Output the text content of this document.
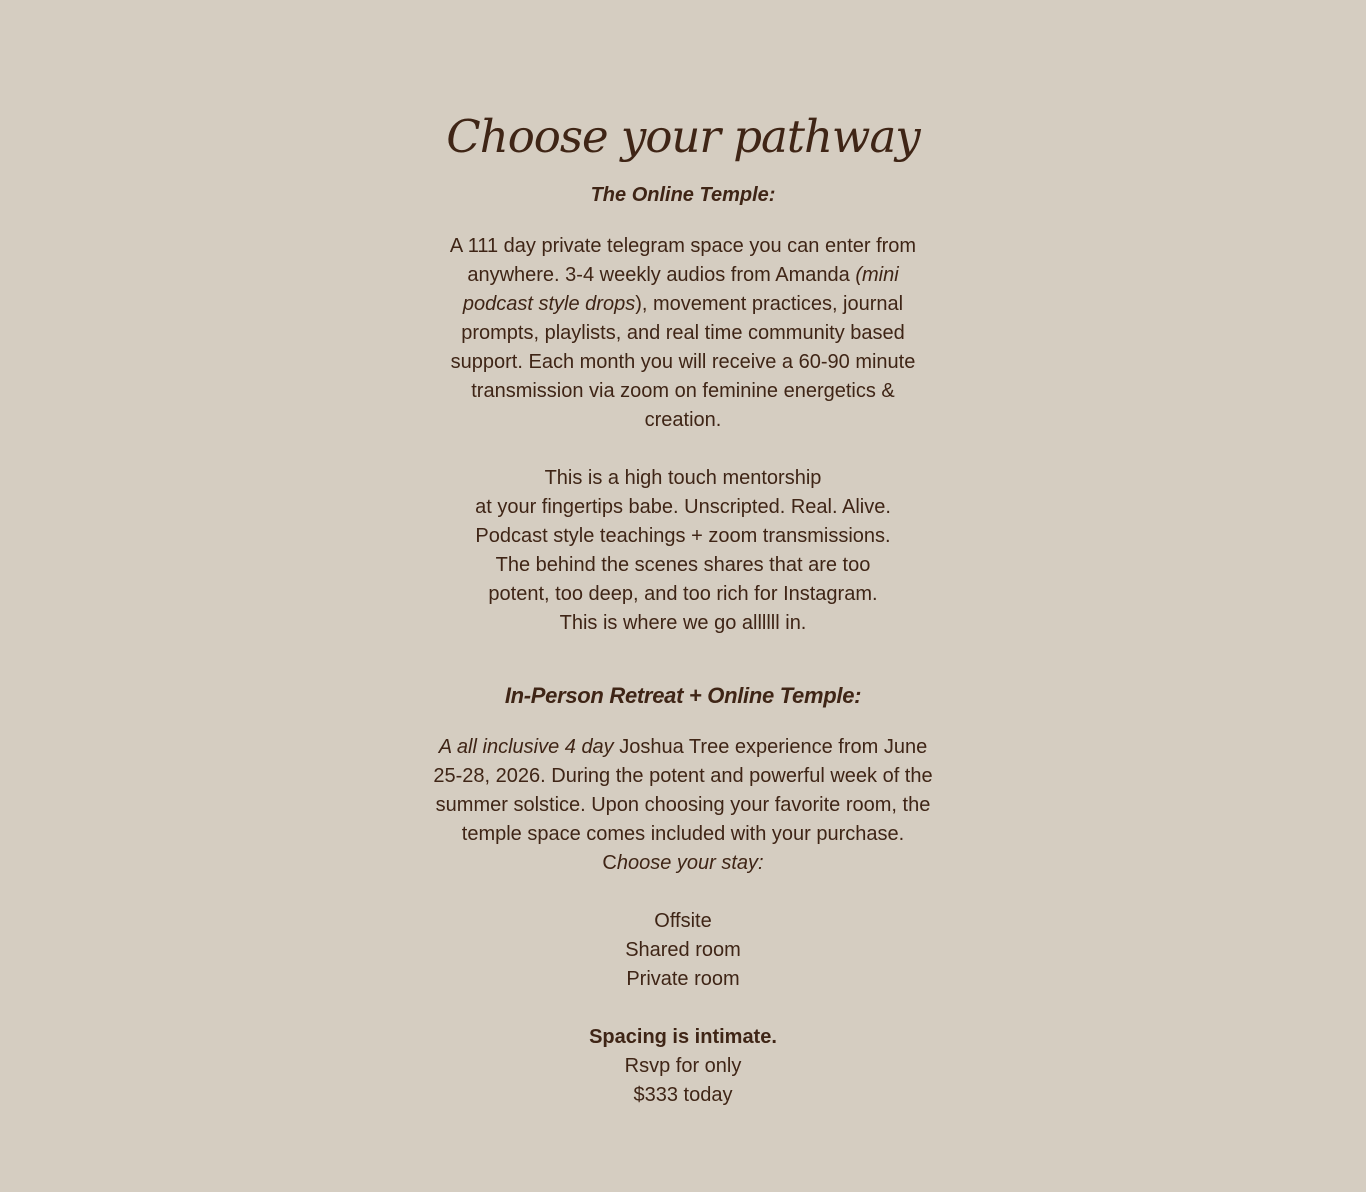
Choose your pathway

The Online Temple:

A 111 day private telegram space you can enter from anywhere. 3-4 weekly audios from Amanda (mini podcast style drops), movement practices, journal prompts, playlists, and real time community based support. Each month you will receive a 60-90 minute transmission via zoom on feminine energetics & creation.

This is a high touch mentorship
at your fingertips babe. Unscripted. Real. Alive.
Podcast style teachings + zoom transmissions.
The behind the scenes shares that are too
potent, too deep, and too rich for Instagram.
This is where we go allllll in.

In-Person Retreat + Online Temple:

A all inclusive 4 day Joshua Tree experience from June 25-28, 2026. During the potent and powerful week of the summer solstice. Upon choosing your favorite room, the temple space comes included with your purchase. Choose your stay:

Offsite
Shared room
Private room

Spacing is intimate.
Rsvp for only
$333 today
